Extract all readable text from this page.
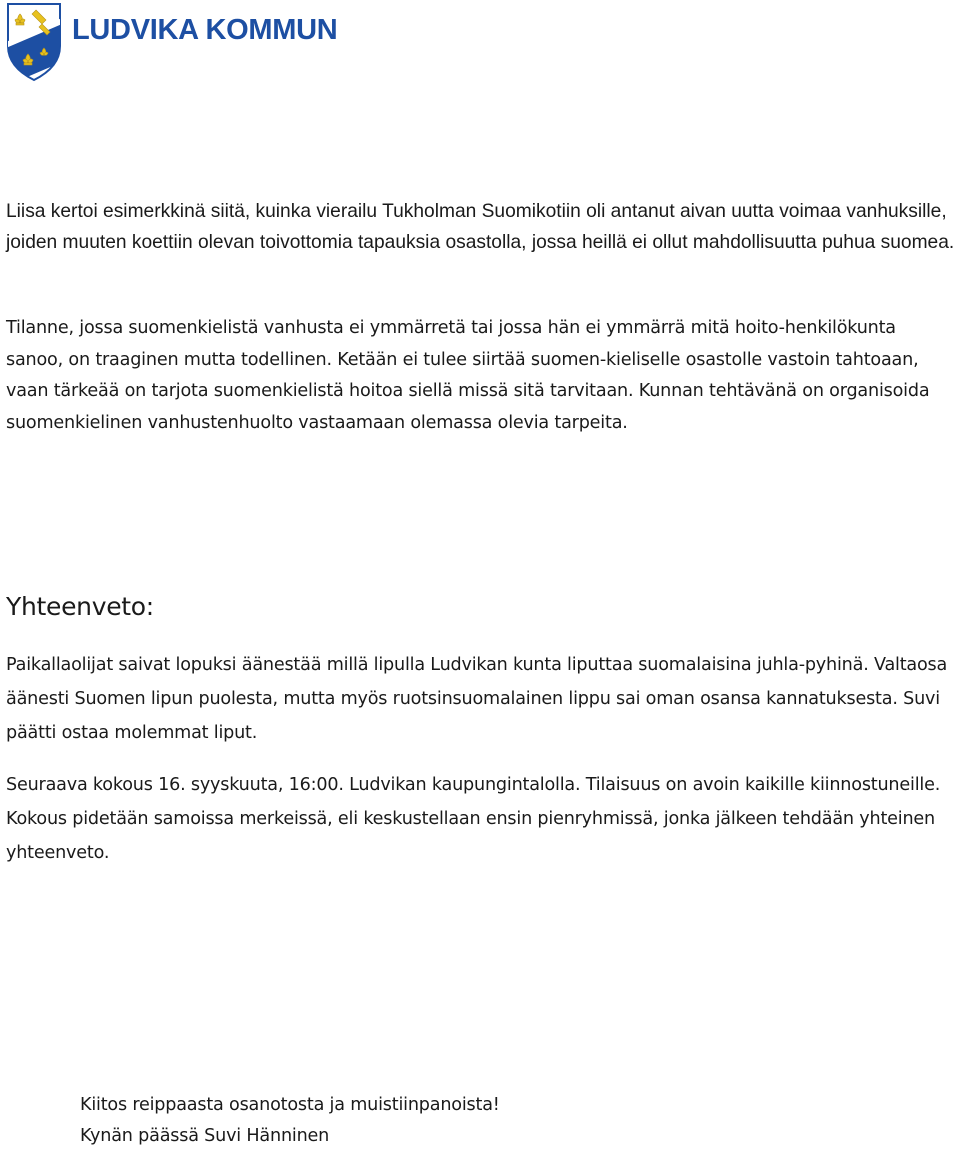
LUDVIKA KOMMUN

Liisa kertoi esimerkkinä siitä, kuinka vierailu Tukholman Suomikotiin oli antanut aivan uutta voimaa vanhuksille, joiden muuten koettiin olevan toivottomia tapauksia osastolla, jossa heillä ei ollut mahdollisuutta puhua suomea.

Tilanne, jossa suomenkielistä vanhusta ei ymmärretä tai jossa hän ei ymmärrä mitä hoito-henkilökunta sanoo, on traaginen mutta todellinen. Ketään ei tulee siirtää suomen-kieliselle osastolle vastoin tahtoaan, vaan tärkeää on tarjota suomenkielistä hoitoa siellä missä sitä tarvitaan. Kunnan tehtävänä on organisoida suomenkielinen vanhustenhuolto vastaamaan olemassa olevia tarpeita.

Yhteenveto:

Paikallaolijat saivat lopuksi äänestää millä lipulla Ludvikan kunta liputtaa suomalaisina juhla-pyhinä. Valtaosa äänesti Suomen lipun puolesta, mutta myös ruotsinsuomalainen lippu sai oman osansa kannatuksesta. Suvi päätti ostaa molemmat liput.

Seuraava kokous 16. syyskuuta, 16:00. Ludvikan kaupungintalolla. Tilaisuus on avoin kaikille kiinnostuneille. Kokous pidetään samoissa merkeissä, eli keskustellaan ensin pienryhmissä, jonka jälkeen tehdään yhteinen yhteenveto.

Kiitos reippaasta osanotosta ja muistiinpanoista!
Kynän päässä Suvi Hänninen
